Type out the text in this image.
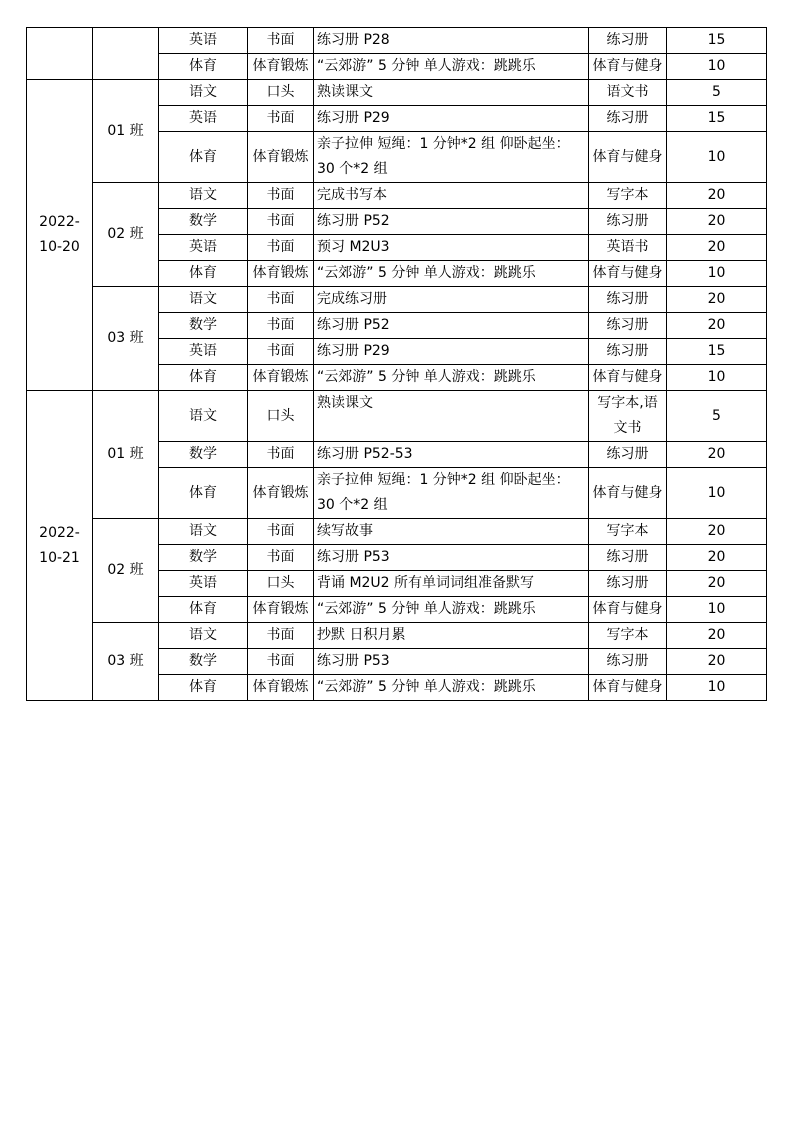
		英语	书面	练习册 P28	练习册	15
		体育	体育锻炼	“云郊游” 5 分钟 单人游戏：跳跳乐	体育与健身	10
2022-10-20	01 班	语文	口头	熟读课文	语文书	5
		英语	书面	练习册 P29	练习册	15
		体育	体育锻炼	亲子拉伸 短绳：1 分钟*2 组 仰卧起坐：30 个*2 组	体育与健身	10
	02 班	语文	书面	完成书写本	写字本	20
		数学	书面	练习册 P52	练习册	20
		英语	书面	预习 M2U3	英语书	20
		体育	体育锻炼	“云郊游” 5 分钟 单人游戏：跳跳乐	体育与健身	10
	03 班	语文	书面	完成练习册	练习册	20
		数学	书面	练习册 P52	练习册	20
		英语	书面	练习册 P29	练习册	15
		体育	体育锻炼	“云郊游” 5 分钟 单人游戏：跳跳乐	体育与健身	10
2022-10-21	01 班	语文	口头	熟读课文	写字本,语文书	5
		数学	书面	练习册 P52-53	练习册	20
		体育	体育锻炼	亲子拉伸 短绳：1 分钟*2 组 仰卧起坐：30 个*2 组	体育与健身	10
	02 班	语文	书面	续写故事	写字本	20
		数学	书面	练习册 P53	练习册	20
		英语	口头	背诵 M2U2 所有单词词组准备默写	练习册	20
		体育	体育锻炼	“云郊游” 5 分钟 单人游戏：跳跳乐	体育与健身	10
	03 班	语文	书面	抄默 日积月累	写字本	20
		数学	书面	练习册 P53	练习册	20
		体育	体育锻炼	“云郊游” 5 分钟 单人游戏：跳跳乐	体育与健身	10
